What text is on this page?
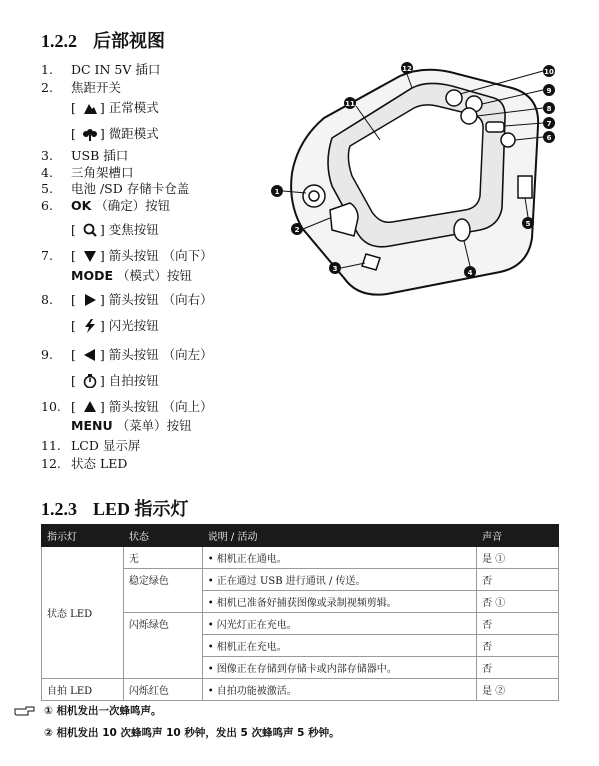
1.2.2 后部视图
1. DC IN 5V 插口
2. 焦距开关
[ ] 正常模式
[ ] 微距模式
3. USB 插口
4. 三角架槽口
5. 电池 /SD 存储卡仓盖
6. OK （确定）按钮
[ ] 变焦按钮
7. [ ] 箭头按钮 （向下）
MODE （模式）按钮
8. [ ] 箭头按钮 （向右）
[ ] 闪光按钮
9. [ ] 箭头按钮 （向左）
[ ] 自拍按钮
10. [ ] 箭头按钮 （向上）
MENU （菜单）按钮
11. LCD 显示屏
12. 状态 LED
1
2
3	4
5
6
7
8
9
10
11
12
1.2.3 LED 指示灯
指示灯	状态	说明 / 活动	声音
状态 LED	无	• 相机正在通电。	是 ①
	稳定绿色	• 正在通过 USB 进行通讯 / 传送。	否
		• 相机已准备好捕获图像或录制视频剪辑。	否 ①
	闪烁绿色	• 闪光灯正在充电。	否
		• 相机正在充电。	否
		• 图像正在存储到存储卡或内部存储器中。	否
自拍 LED	闪烁红色	• 自拍功能被激活。	是 ②
① 相机发出一次蜂鸣声。
② 相机发出 10 次蜂鸣声 10 秒钟，发出 5 次蜂鸣声 5 秒钟。
